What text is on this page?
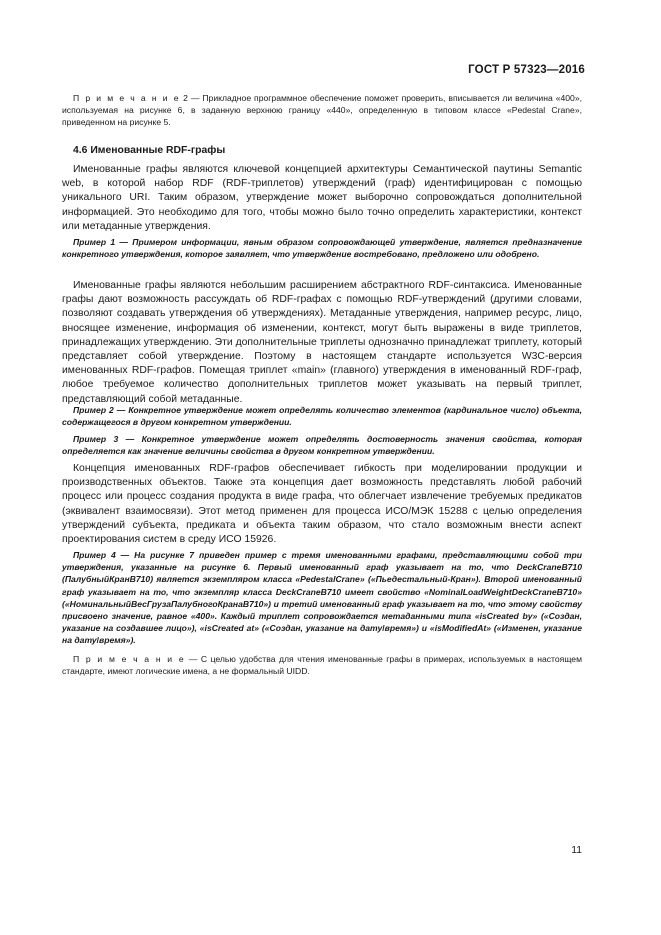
ГОСТ Р 57323—2016

П р и м е ч а н и е 2 — Прикладное программное обеспечение поможет проверить, вписывается ли величина «400», используемая на рисунке 6, в заданную верхнюю границу «440», определенную в типовом классе «Pedestal Crane», приведенном на рисунке 5.

4.6 Именованные RDF-графы

Именованные графы являются ключевой концепцией архитектуры Семантической паутины Semantic web, в которой набор RDF (RDF-триплетов) утверждений (граф) идентифицирован с помощью уникального URI. Таким образом, утверждение может выборочно сопровождаться дополнительной информацией. Это необходимо для того, чтобы можно было точно определить характеристики, контекст или метаданные утверждения.

Пример 1 — Примером информации, явным образом сопровождающей утверждение, является предназначение конкретного утверждения, которое заявляет, что утверждение востребовано, предложено или одобрено.

Именованные графы являются небольшим расширением абстрактного RDF-синтаксиса. Именованные графы дают возможность рассуждать об RDF-графах с помощью RDF-утверждений (другими словами, позволяют создавать утверждения об утверждениях). Метаданные утверждения, например ресурс, лицо, вносящее изменение, информация об изменении, контекст, могут быть выражены в виде триплетов, принадлежащих утверждению. Эти дополнительные триплеты однозначно принадлежат триплету, который представляет собой утверждение. Поэтому в настоящем стандарте используется W3C-версия именованных RDF-графов. Помещая триплет «main» (главного) утверждения в именованный RDF-граф, любое требуемое количество дополнительных триплетов может указывать на первый триплет, представляющий собой метаданные.

Пример 2 — Конкретное утверждение может определять количество элементов (кардинальное число) объекта, содержащегося в другом конкретном утверждении.

Пример 3 — Конкретное утверждение может определять достоверность значения свойства, которая определяется как значение величины свойства в другом конкретном утверждении.

Концепция именованных RDF-графов обеспечивает гибкость при моделировании продукции и производственных объектов. Также эта концепция дает возможность представлять любой рабочий процесс или процесс создания продукта в виде графа, что облегчает извлечение требуемых предикатов (эквивалент взаимосвязи). Этот метод применен для процесса ИСО/МЭК 15288 с целью определения утверждений субъекта, предиката и объекта таким образом, что стало возможным внести аспект проектирования систем в среду ИСО 15926.

Пример 4 — На рисунке 7 приведен пример с тремя именованными графами, представляющими собой три утверждения, указанные на рисунке 6. Первый именованный граф указывает на то, что DeckCraneB710 (ПалубныйКранB710) является экземпляром класса «PedestalCrane» («Пьедестальный-Кран»). Второй именованный граф указывает на то, что экземпляр класса DeckCraneB710 имеет свойство «NominalLoadWeightDeckCraneB710» («НоминальныйВесГрузаПалубногоКранаB710») и третий именованный граф указывает на то, что этому свойству присвоено значение, равное «400». Каждый триплет сопровождается метаданными типа «isCreated by» («Создан, указание на создавшее лицо»), «isCreated at» («Создан, указание на дату/время») и «isModifiedAt» («Изменен, указание на дату/время»).

П р и м е ч а н и е — С целью удобства для чтения именованные графы в примерах, используемых в настоящем стандарте, имеют логические имена, а не формальный UIDD.

11
